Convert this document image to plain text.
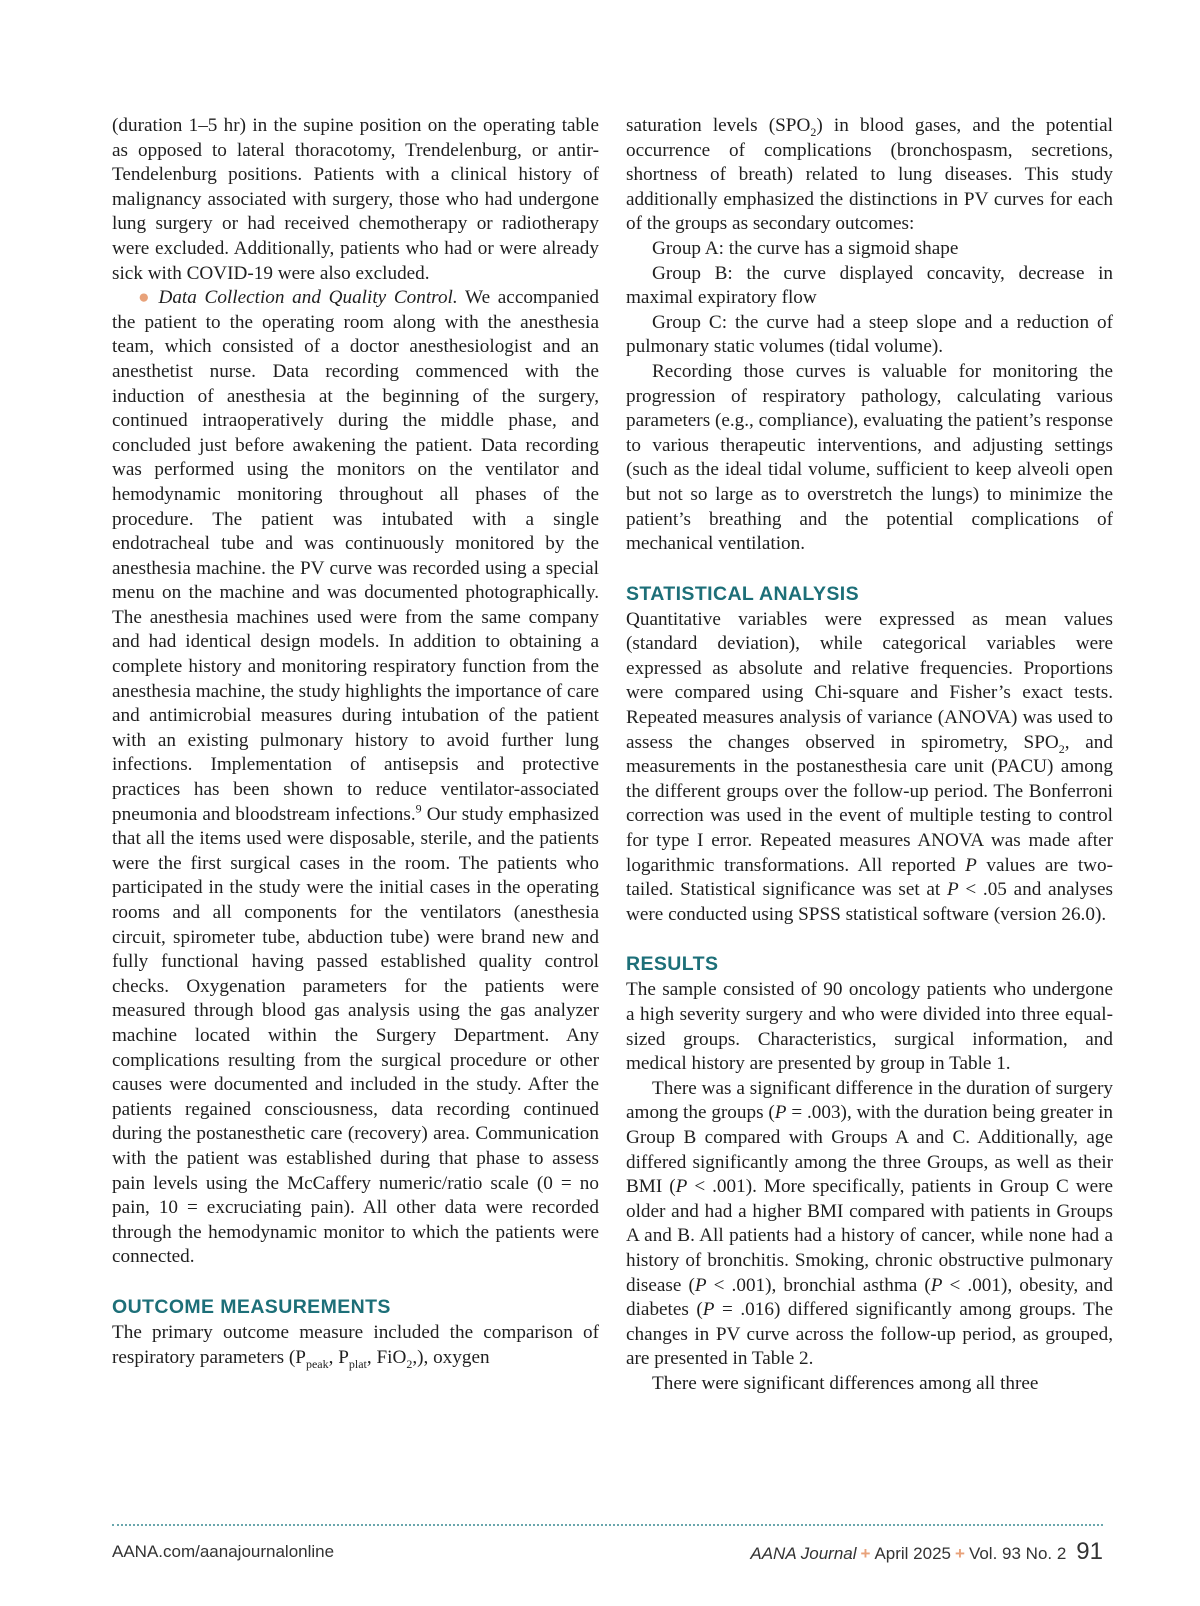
(duration 1–5 hr) in the supine position on the operating table as opposed to lateral thoracotomy, Trendelenburg, or antir-Tendelenburg positions. Patients with a clinical history of malignancy associated with surgery, those who had undergone lung surgery or had received chemotherapy or radiotherapy were excluded. Additionally, patients who had or were already sick with COVID-19 were also excluded.

● Data Collection and Quality Control. We accompanied the patient to the operating room along with the anesthesia team, which consisted of a doctor anesthesiologist and an anesthetist nurse. Data recording commenced with the induction of anesthesia at the beginning of the surgery, continued intraoperatively during the middle phase, and concluded just before awakening the patient. Data recording was performed using the monitors on the ventilator and hemodynamic monitoring throughout all phases of the procedure. The patient was intubated with a single endotracheal tube and was continuously monitored by the anesthesia machine. the PV curve was recorded using a special menu on the machine and was documented photographically. The anesthesia machines used were from the same company and had identical design models. In addition to obtaining a complete history and monitoring respiratory function from the anesthesia machine, the study highlights the importance of care and antimicrobial measures during intubation of the patient with an existing pulmonary history to avoid further lung infections. Implementation of antisepsis and protective practices has been shown to reduce ventilator-associated pneumonia and bloodstream infections.$^9$ Our study emphasized that all the items used were disposable, sterile, and the patients were the first surgical cases in the room. The patients who participated in the study were the initial cases in the operating rooms and all components for the ventilators (anesthesia circuit, spirometer tube, abduction tube) were brand new and fully functional having passed established quality control checks. Oxygenation parameters for the patients were measured through blood gas analysis using the gas analyzer machine located within the Surgery Department. Any complications resulting from the surgical procedure or other causes were documented and included in the study. After the patients regained consciousness, data recording continued during the postanesthetic care (recovery) area. Communication with the patient was established during that phase to assess pain levels using the McCaffery numeric/ratio scale (0 = no pain, 10 = excruciating pain). All other data were recorded through the hemodynamic monitor to which the patients were connected.

OUTCOME MEASUREMENTS

The primary outcome measure included the comparison of respiratory parameters ($P_{peak}$, $P_{plat}$, FiO$_2$,), oxygen

saturation levels $(SPO_2)$ in blood gases, and the potential occurrence of complications (bronchospasm, secretions, shortness of breath) related to lung diseases. This study additionally emphasized the distinctions in PV curves for each of the groups as secondary outcomes:

Group A: the curve has a sigmoid shape

Group B: the curve displayed concavity, decrease in maximal expiratory flow

Group C: the curve had a steep slope and a reduction of pulmonary static volumes (tidal volume).

Recording those curves is valuable for monitoring the progression of respiratory pathology, calculating various parameters (e.g., compliance), evaluating the patient’s response to various therapeutic interventions, and adjusting settings (such as the ideal tidal volume, sufficient to keep alveoli open but not so large as to overstretch the lungs) to minimize the patient’s breathing and the potential complications of mechanical ventilation.

STATISTICAL ANALYSIS

Quantitative variables were expressed as mean values (standard deviation), while categorical variables were expressed as absolute and relative frequencies. Proportions were compared using Chi-square and Fisher’s exact tests. Repeated measures analysis of variance (ANOVA) was used to assess the changes observed in spirometry, $SPO_2$, and measurements in the postanesthesia care unit (PACU) among the different groups over the follow-up period. The Bonferroni correction was used in the event of multiple testing to control for type I error. Repeated measures ANOVA was made after logarithmic transformations. All reported P values are two-tailed. Statistical significance was set at P < .05 and analyses were conducted using SPSS statistical software (version 26.0).

RESULTS

The sample consisted of 90 oncology patients who undergone a high severity surgery and who were divided into three equal-sized groups. Characteristics, surgical information, and medical history are presented by group in Table 1.

There was a significant difference in the duration of surgery among the groups (P = .003), with the duration being greater in Group B compared with Groups A and C. Additionally, age differed significantly among the three Groups, as well as their BMI (P < .001). More specifically, patients in Group C were older and had a higher BMI compared with patients in Groups A and B. All patients had a history of cancer, while none had a history of bronchitis. Smoking, chronic obstructive pulmonary disease (P < .001), bronchial asthma (P < .001), obesity, and diabetes (P = .016) differed significantly among groups. The changes in PV curve across the follow-up period, as grouped, are presented in Table 2.

There were significant differences among all three

AANA.com/aanajournalonline	AANA Journal + April 2025 + Vol. 93 No. 2 91
